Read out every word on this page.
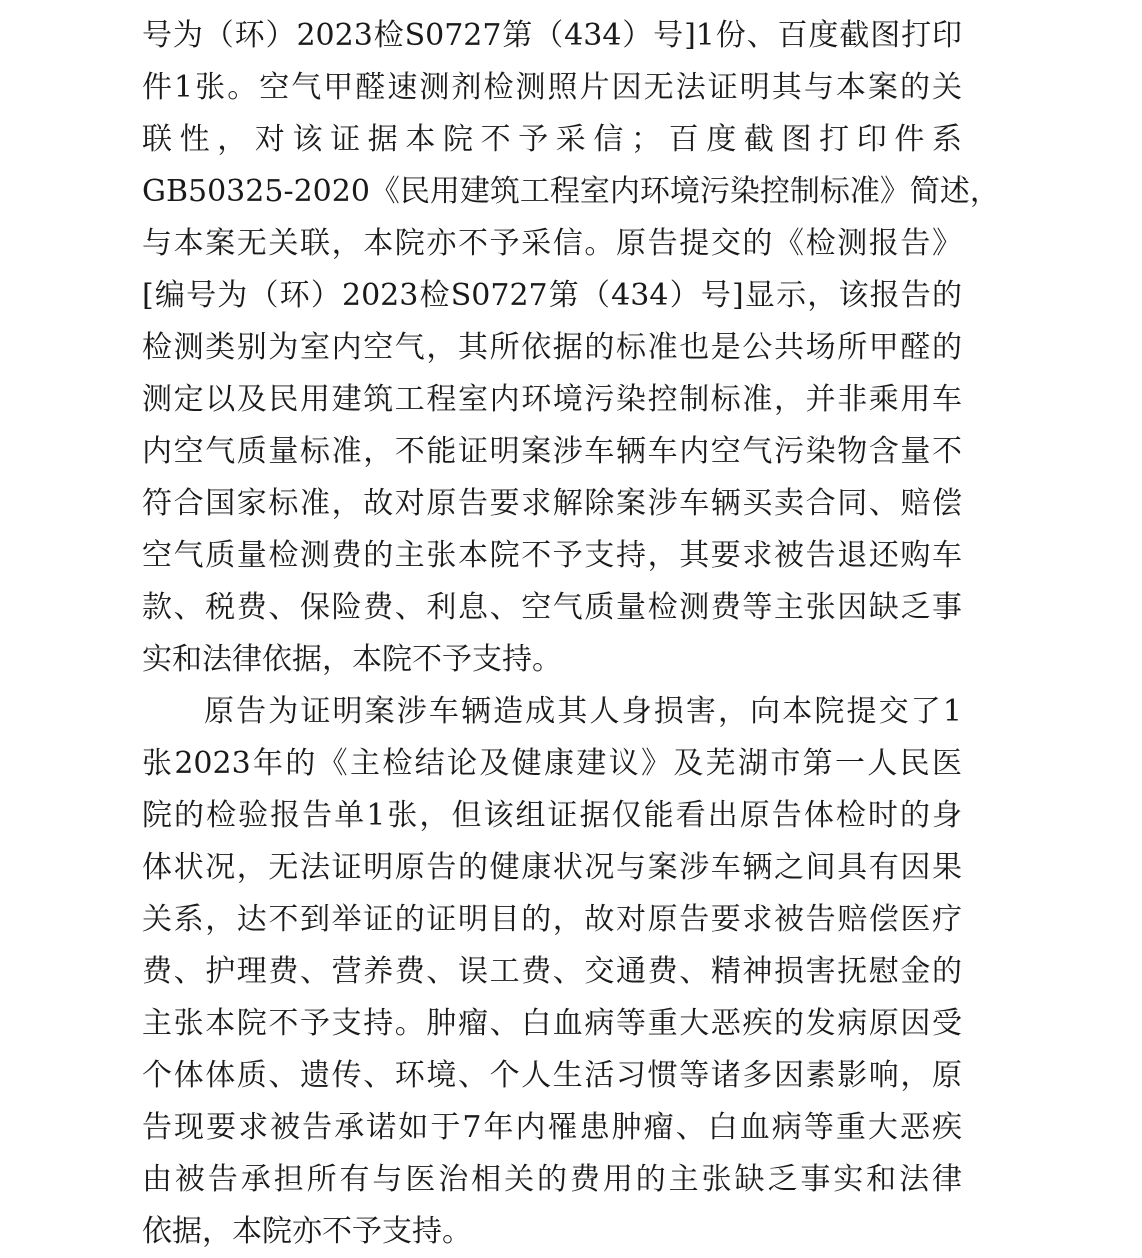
号为（环）2023检S0727第（434）号]1份、百度截图打印
件1张。空气甲醛速测剂检测照片因无法证明其与本案的关
联性，对该证据本院不予采信；百度截图打印件系
GB50325-2020《民用建筑工程室内环境污染控制标准》简述，
与本案无关联，本院亦不予采信。原告提交的《检测报告》
[编号为（环）2023检S0727第（434）号]显示，该报告的
检测类别为室内空气，其所依据的标准也是公共场所甲醛的
测定以及民用建筑工程室内环境污染控制标准，并非乘用车
内空气质量标准，不能证明案涉车辆车内空气污染物含量不
符合国家标准，故对原告要求解除案涉车辆买卖合同、赔偿
空气质量检测费的主张本院不予支持，其要求被告退还购车
款、税费、保险费、利息、空气质量检测费等主张因缺乏事
实和法律依据，本院不予支持。
原告为证明案涉车辆造成其人身损害，向本院提交了1
张2023年的《主检结论及健康建议》及芜湖市第一人民医
院的检验报告单1张，但该组证据仅能看出原告体检时的身
体状况，无法证明原告的健康状况与案涉车辆之间具有因果
关系，达不到举证的证明目的，故对原告要求被告赔偿医疗
费、护理费、营养费、误工费、交通费、精神损害抚慰金的
主张本院不予支持。肿瘤、白血病等重大恶疾的发病原因受
个体体质、遗传、环境、个人生活习惯等诸多因素影响，原
告现要求被告承诺如于7年内罹患肿瘤、白血病等重大恶疾
由被告承担所有与医治相关的费用的主张缺乏事实和法律
依据，本院亦不予支持。
